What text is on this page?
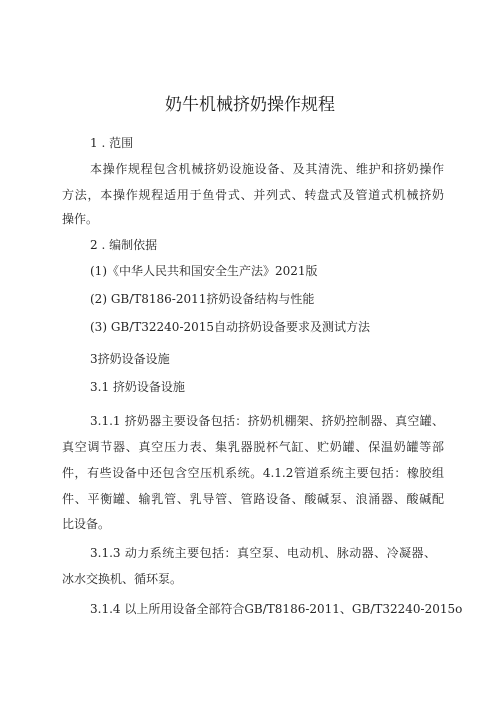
奶牛机械挤奶操作规程
1 . 范围
本操作规程包含机械挤奶设施设备、及其清洗、维护和挤奶操作
方法，本操作规程适用于鱼骨式、并列式、转盘式及管道式机械挤奶
操作。
2 . 编制依据
(1)《中华人民共和国安全生产法》2021版
(2) GB/T8186-2011挤奶设备结构与性能
(3) GB/T32240-2015自动挤奶设备要求及测试方法
3挤奶设备设施
3.1 挤奶设备设施
3.1.1 挤奶器主要设备包括：挤奶机棚架、挤奶控制器、真空罐、
真空调节器、真空压力表、集乳器脱杯气缸、贮奶罐、保温奶罐等部
件，有些设备中还包含空压机系统。4.1.2管道系统主要包括：橡胶组
件、平衡罐、输乳管、乳导管、管路设备、酸碱泵、浪涌器、酸碱配
比设备。
3.1.3 动力系统主要包括：真空泵、电动机、脉动器、冷凝器、
冰水交换机、循环泵。
3.1.4 以上所用设备全部符合GB/T8186-2011、GB/T32240-2015o
